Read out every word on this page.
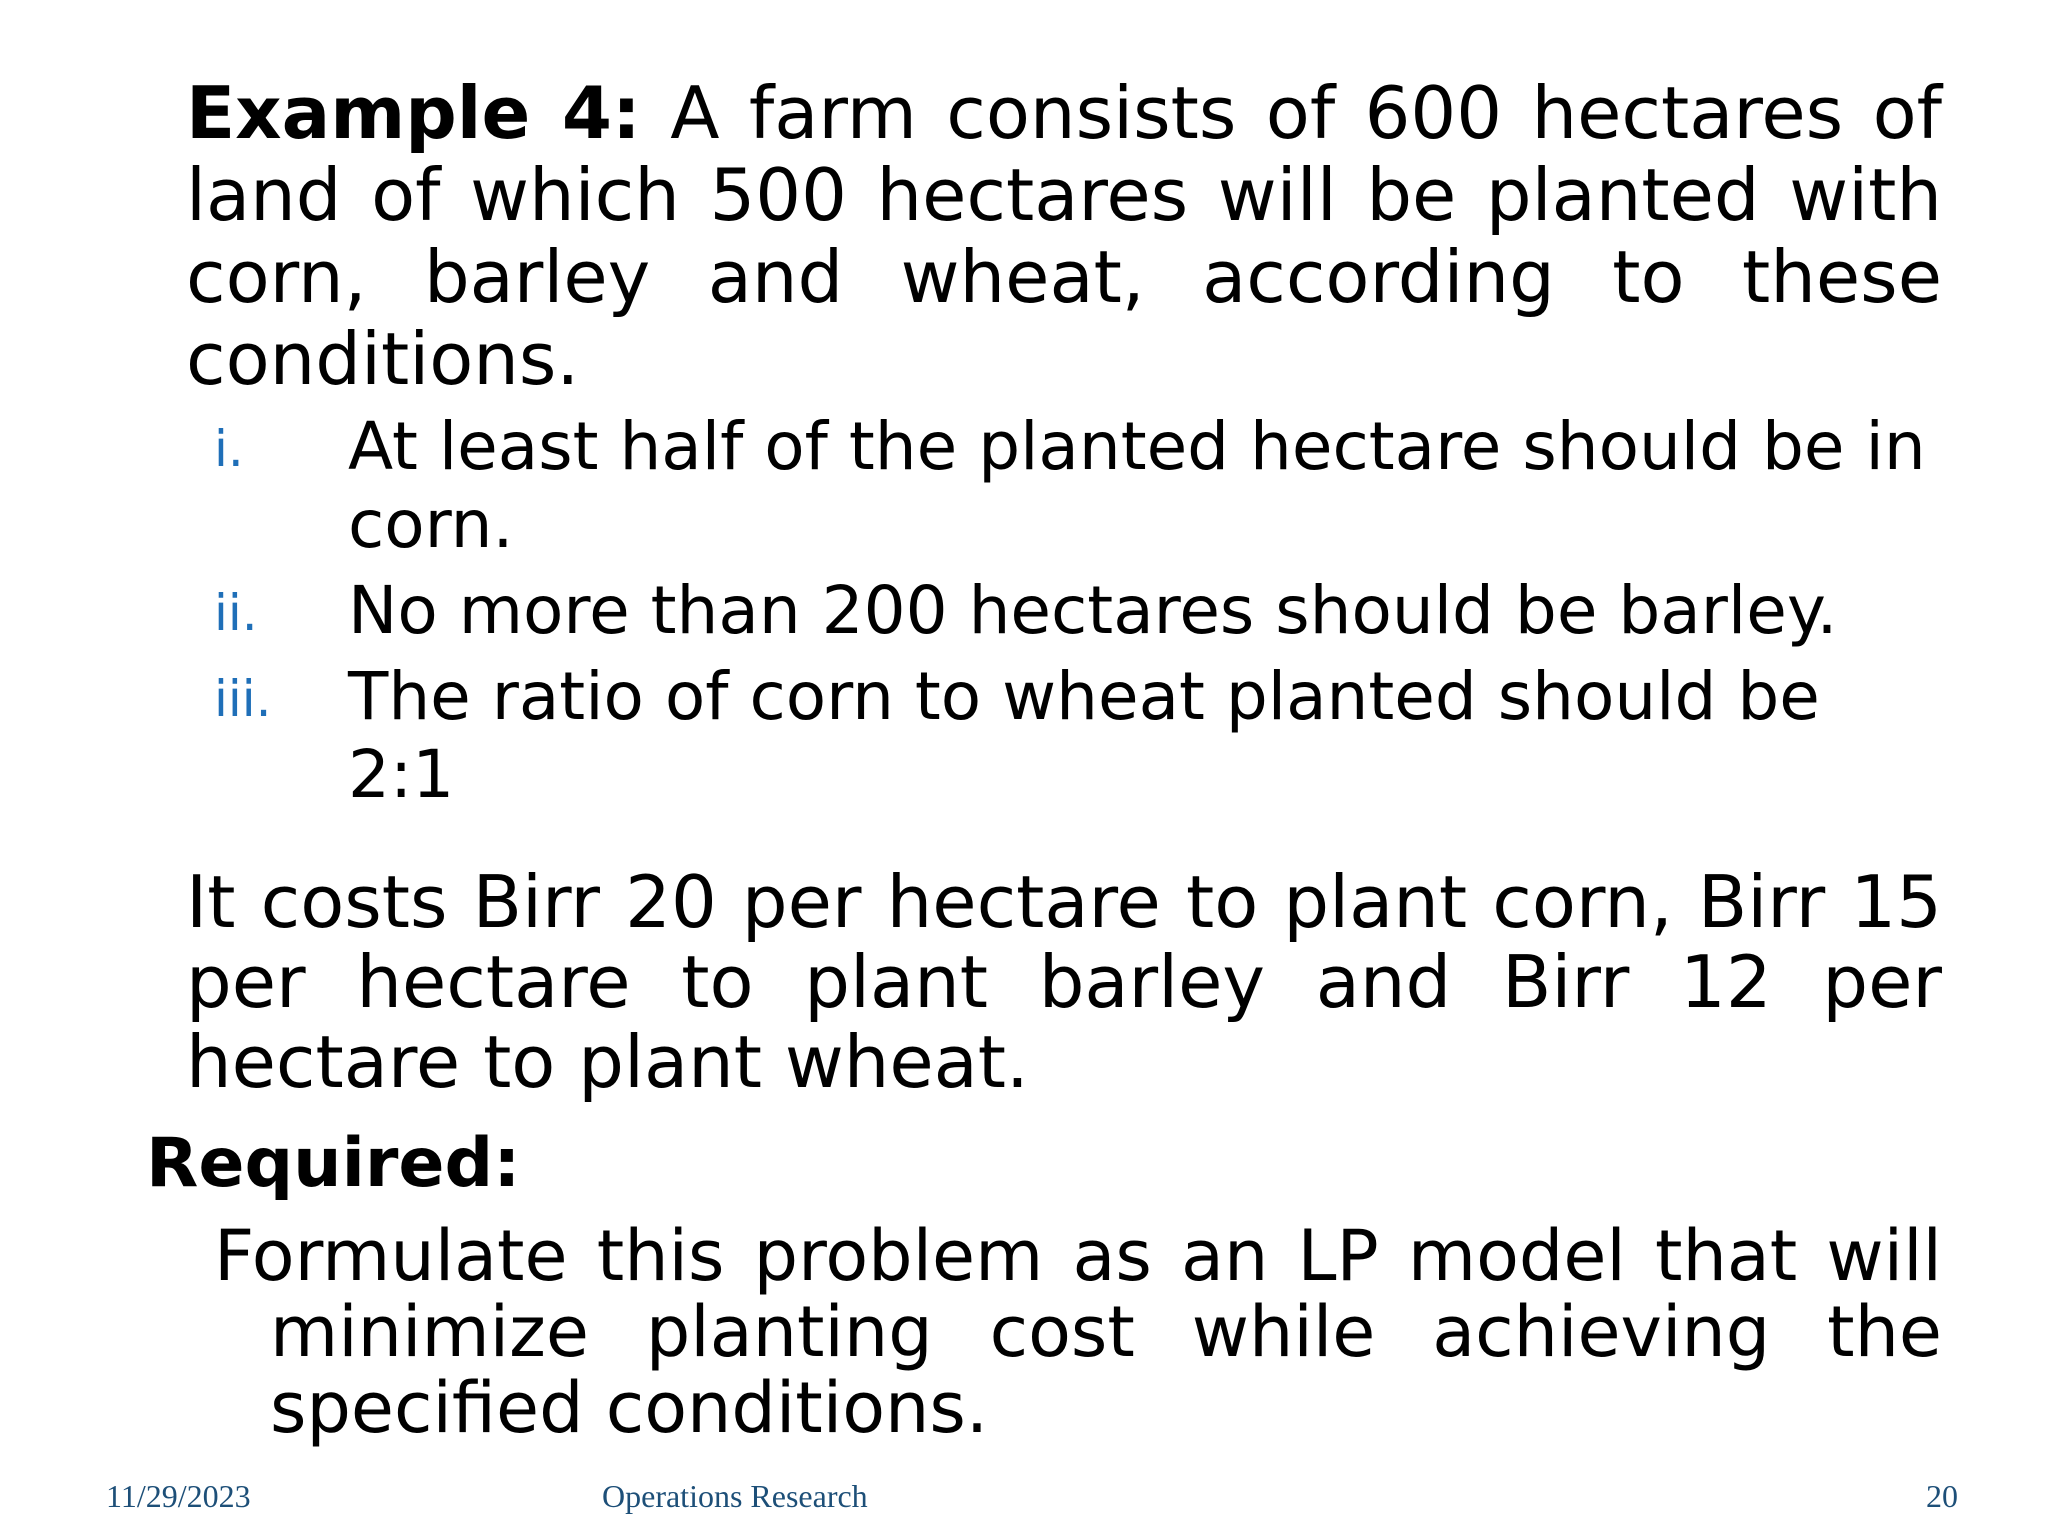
Example 4: A farm consists of 600 hectares of land of which 500 hectares will be planted with corn, barley and wheat, according to these conditions.
i. At least half of the planted hectare should be in corn.
ii. No more than 200 hectares should be barley.
iii. The ratio of corn to wheat planted should be 2:1
It costs Birr 20 per hectare to plant corn, Birr 15 per hectare to plant barley and Birr 12 per hectare to plant wheat.
Required:
Formulate this problem as an LP model that will minimize planting cost while achieving the specified conditions.
11/29/2023	Operations Research	20
